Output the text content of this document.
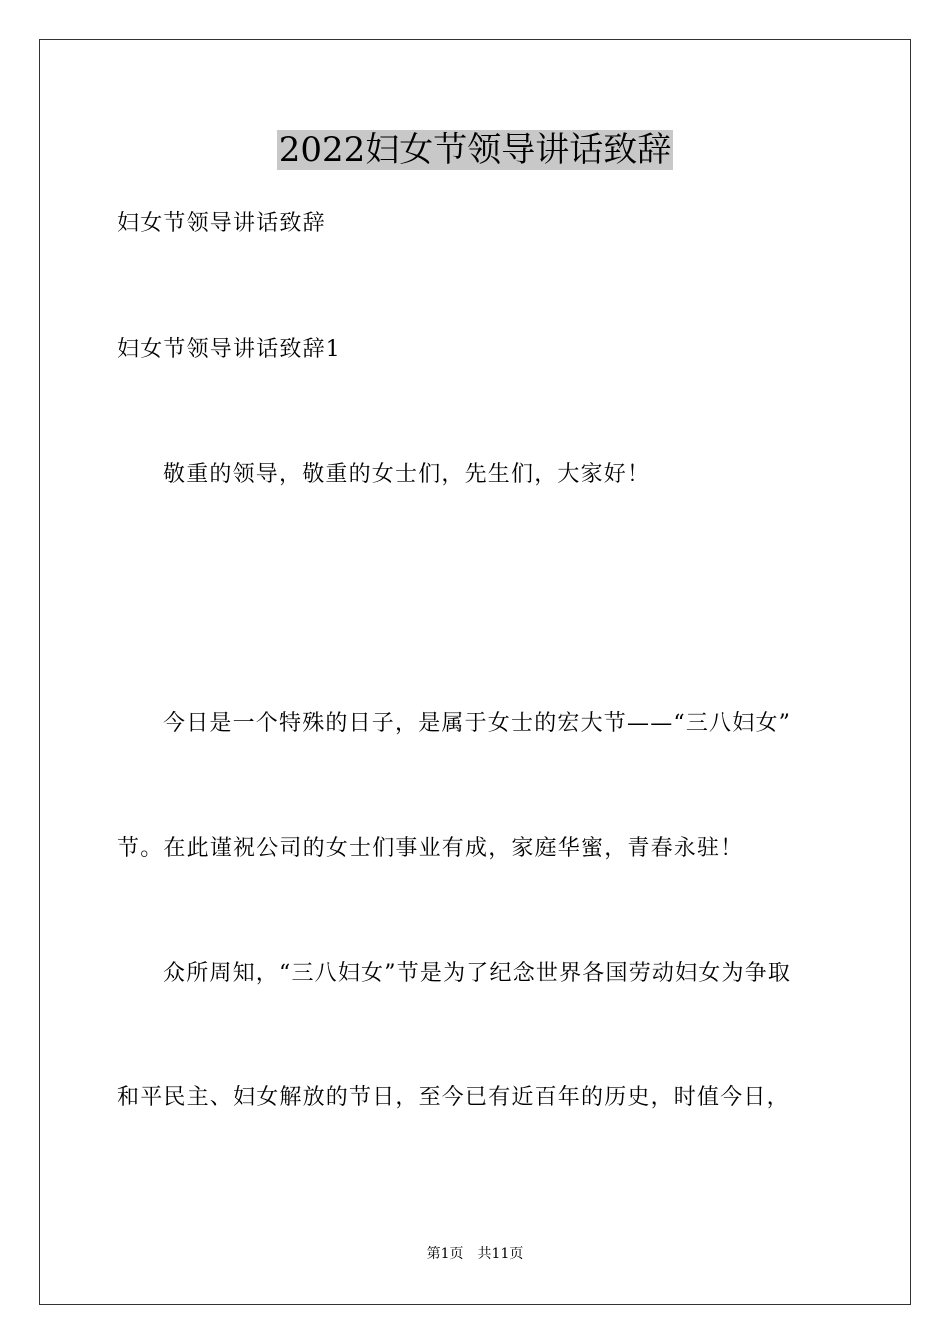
2022妇女节领导讲话致辞
妇女节领导讲话致辞
妇女节领导讲话致辞1
敬重的领导，敬重的女士们，先生们，大家好！
今日是一个特殊的日子，是属于女士的宏大节——“三八妇女”
节。在此谨祝公司的女士们事业有成，家庭华蜜，青春永驻！
众所周知，“三八妇女”节是为了纪念世界各国劳动妇女为争取
和平民主、妇女解放的节日，至今已有近百年的历史，时值今日，
第1页 共11页
